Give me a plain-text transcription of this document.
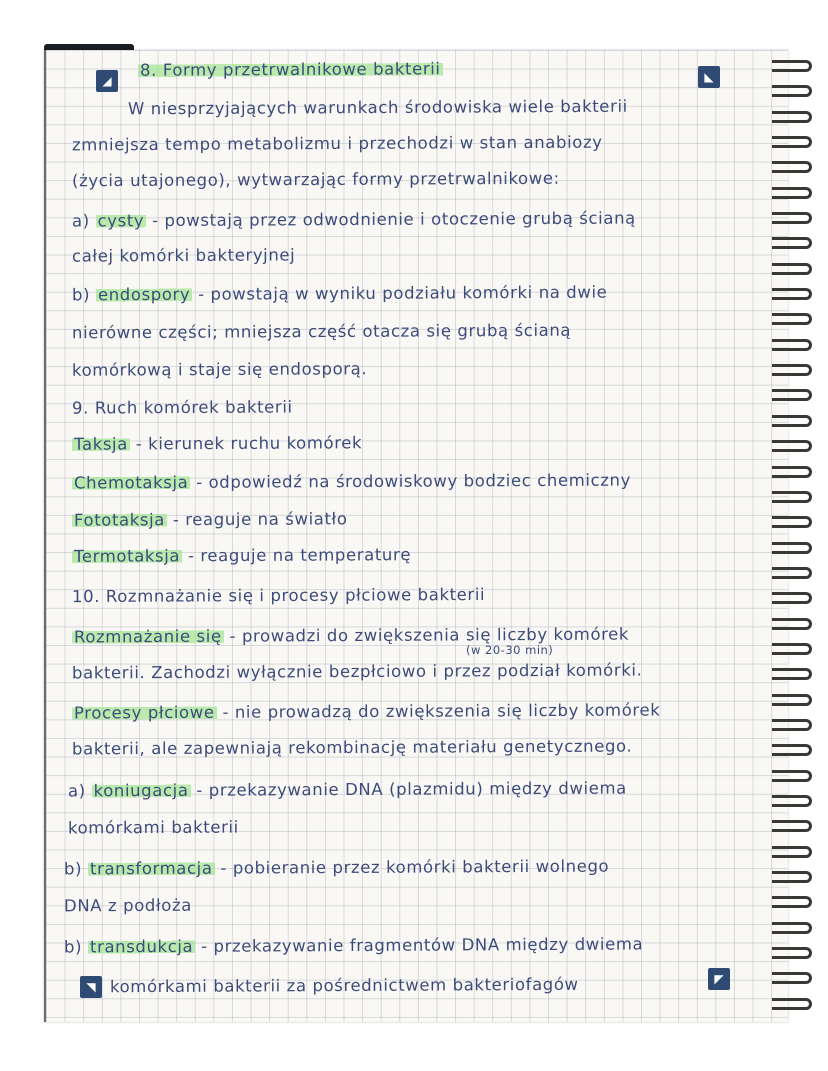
◢	◣
◥
◤
8. Formy przetrwalnikowe bakterii
W niesprzyjających warunkach środowiska wiele bakterii
zmniejsza tempo metabolizmu i przechodzi w stan anabiozy
(życia utajonego), wytwarzając formy przetrwalnikowe:
a) cysty - powstają przez odwodnienie i otoczenie grubą ścianą
całej komórki bakteryjnej
b) endospory - powstają w wyniku podziału komórki na dwie
nierówne części; mniejsza część otacza się grubą ścianą
komórkową i staje się endosporą.
9. Ruch komórek bakterii
Taksja - kierunek ruchu komórek
Chemotaksja - odpowiedź na środowiskowy bodziec chemiczny
Fototaksja - reaguje na światło
Termotaksja - reaguje na temperaturę
10. Rozmnażanie się i procesy płciowe bakterii
Rozmnażanie się - prowadzi do zwiększenia się liczby komórek
bakterii. Zachodzi wyłącznie bezpłciowo i przez podział komórki.
Procesy płciowe - nie prowadzą do zwiększenia się liczby komórek
bakterii, ale zapewniają rekombinację materiału genetycznego.
a) koniugacja - przekazywanie DNA (plazmidu) między dwiema
komórkami bakterii
b) transformacja - pobieranie przez komórki bakterii wolnego
DNA z podłoża
b) transdukcja - przekazywanie fragmentów DNA między dwiema
komórkami bakterii za pośrednictwem bakteriofagów
(w 20-30 min)
